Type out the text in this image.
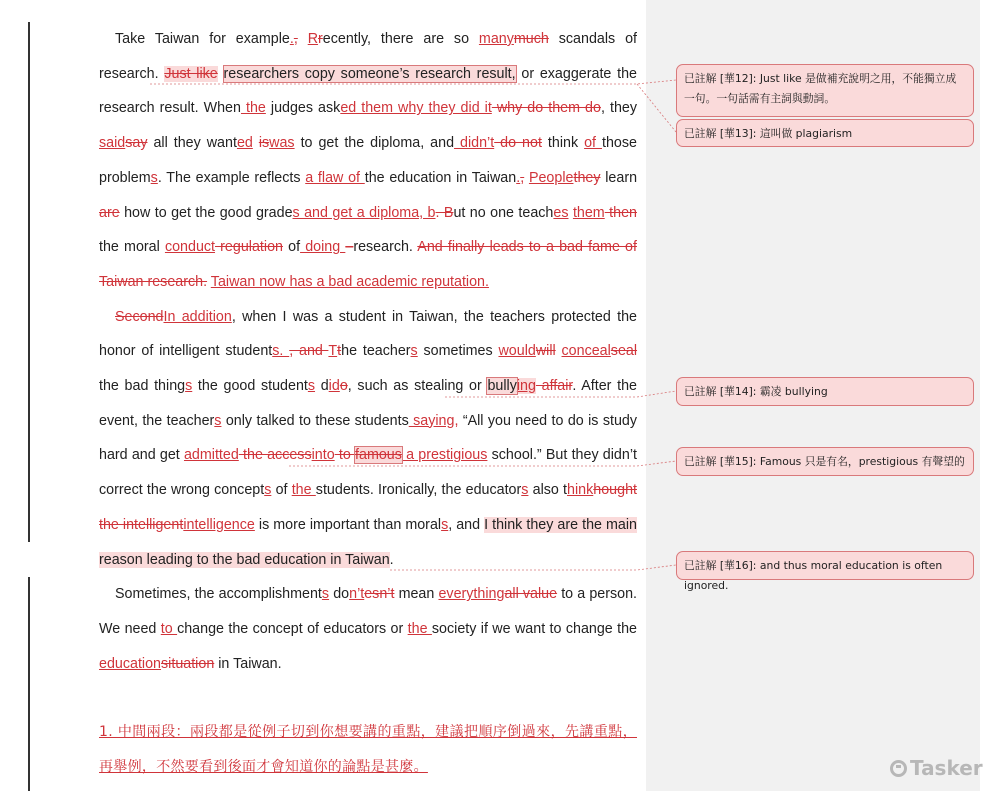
Take Taiwan for example., Rrecently, there are so manymuch scandals of research. Just like researchers copy someone’s research result, or exaggerate the research result. When the judges asked them why they did it why do them do, they saidsay all they wanted iswas to get the diploma, and didn’t do not think of those problems. The example reflects a flaw of the education in Taiwan., Peoplethey learn are how to get the good grades and get a diploma, b. But no one teaches them then the moral conduct regulation of doing –research. And finally leads to a bad fame of Taiwan research. Taiwan now has a bad academic reputation.

SecondIn addition, when I was a student in Taiwan, the teachers protected the honor of intelligent students. , and Tthe teachers sometimes wouldwill concealseal the bad things the good students dido, such as stealing or bullying affair. After the event, the teachers only talked to these students saying, “All you need to do is study hard and get admitted the accessinto to famous a prestigious school.” But they didn’t correct the wrong concepts of the students. Ironically, the educators also thinkhought the intelligentintelligence is more important than morals, and I think they are the main reason leading to the bad education in Taiwan.

Sometimes, the accomplishments don’tesn’t mean everythingall value to a person. We need to change the concept of educators or the society if we want to change the educationsituation in Taiwan.

1. 中間兩段：兩段都是從例子切到你想要講的重點，建議把順序倒過來，先講重點，再舉例，不然要看到後面才會知道你的論點是甚麼。

已註解 [華12]: Just like 是做補充說明之用，不能獨立成一句。一句話需有主詞與動詞。
已註解 [華13]: 這叫做 plagiarism
已註解 [華14]: 霸凌 bullying
已註解 [華15]: Famous 只是有名，prestigious 有聲望的
已註解 [華16]: and thus moral education is often ignored.
Tasker
